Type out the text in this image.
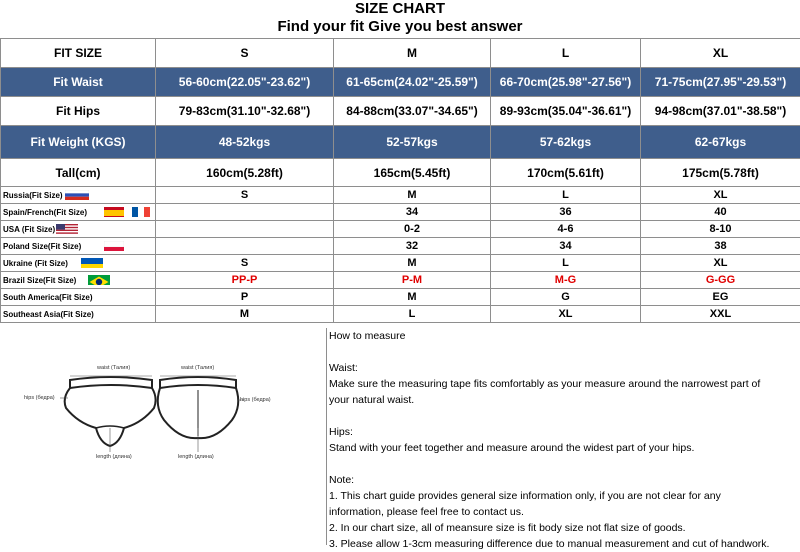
SIZE CHART
Find your fit Give you best answer
FIT SIZE	S	M	L	XL
Fit Waist	56-60cm(22.05"-23.62")	61-65cm(24.02"-25.59")	66-70cm(25.98"-27.56")	71-75cm(27.95"-29.53")
Fit Hips	79-83cm(31.10"-32.68")	84-88cm(33.07"-34.65")	89-93cm(35.04"-36.61")	94-98cm(37.01"-38.58")
Fit Weight (KGS)	48-52kgs	52-57kgs	57-62kgs	62-67kgs
Tall(cm)	160cm(5.28ft)	165cm(5.45ft)	170cm(5.61ft)	175cm(5.78ft)
Russia(Fit Size)	S	M	L	XL
Spain/French(Fit Size)		34	36	40
USA (Fit Size)		0-2	4-6	8-10
Poland Size(Fit Size)		32	34	38
Ukraine (Fit Size)	S	M	L	XL
Brazil Size(Fit Size)	PP-P	P-M	M-G	G-GG
South America(Fit Size)	P	M	G	EG
Southeast Asia(Fit Size)	M	L	XL	XXL
waist (Талия)	waist (Талия)
hips (бедра)	hips (бедра)
length (длина)	length (длина)

How to measure

Waist:

Make sure the measuring tape fits comfortably as your measure around the narrowest part of

your natural waist.

Hips:

Stand with your feet together and measure around the widest part of your hips.

Note:

1. This chart guide provides general size information only, if you are not clear for any

information, please feel free to contact us.

2. In our chart size, all of meansure size is fit body size not flat size of goods.

3. Please allow 1-3cm measuring difference due to manual measurement and cut of handwork.
